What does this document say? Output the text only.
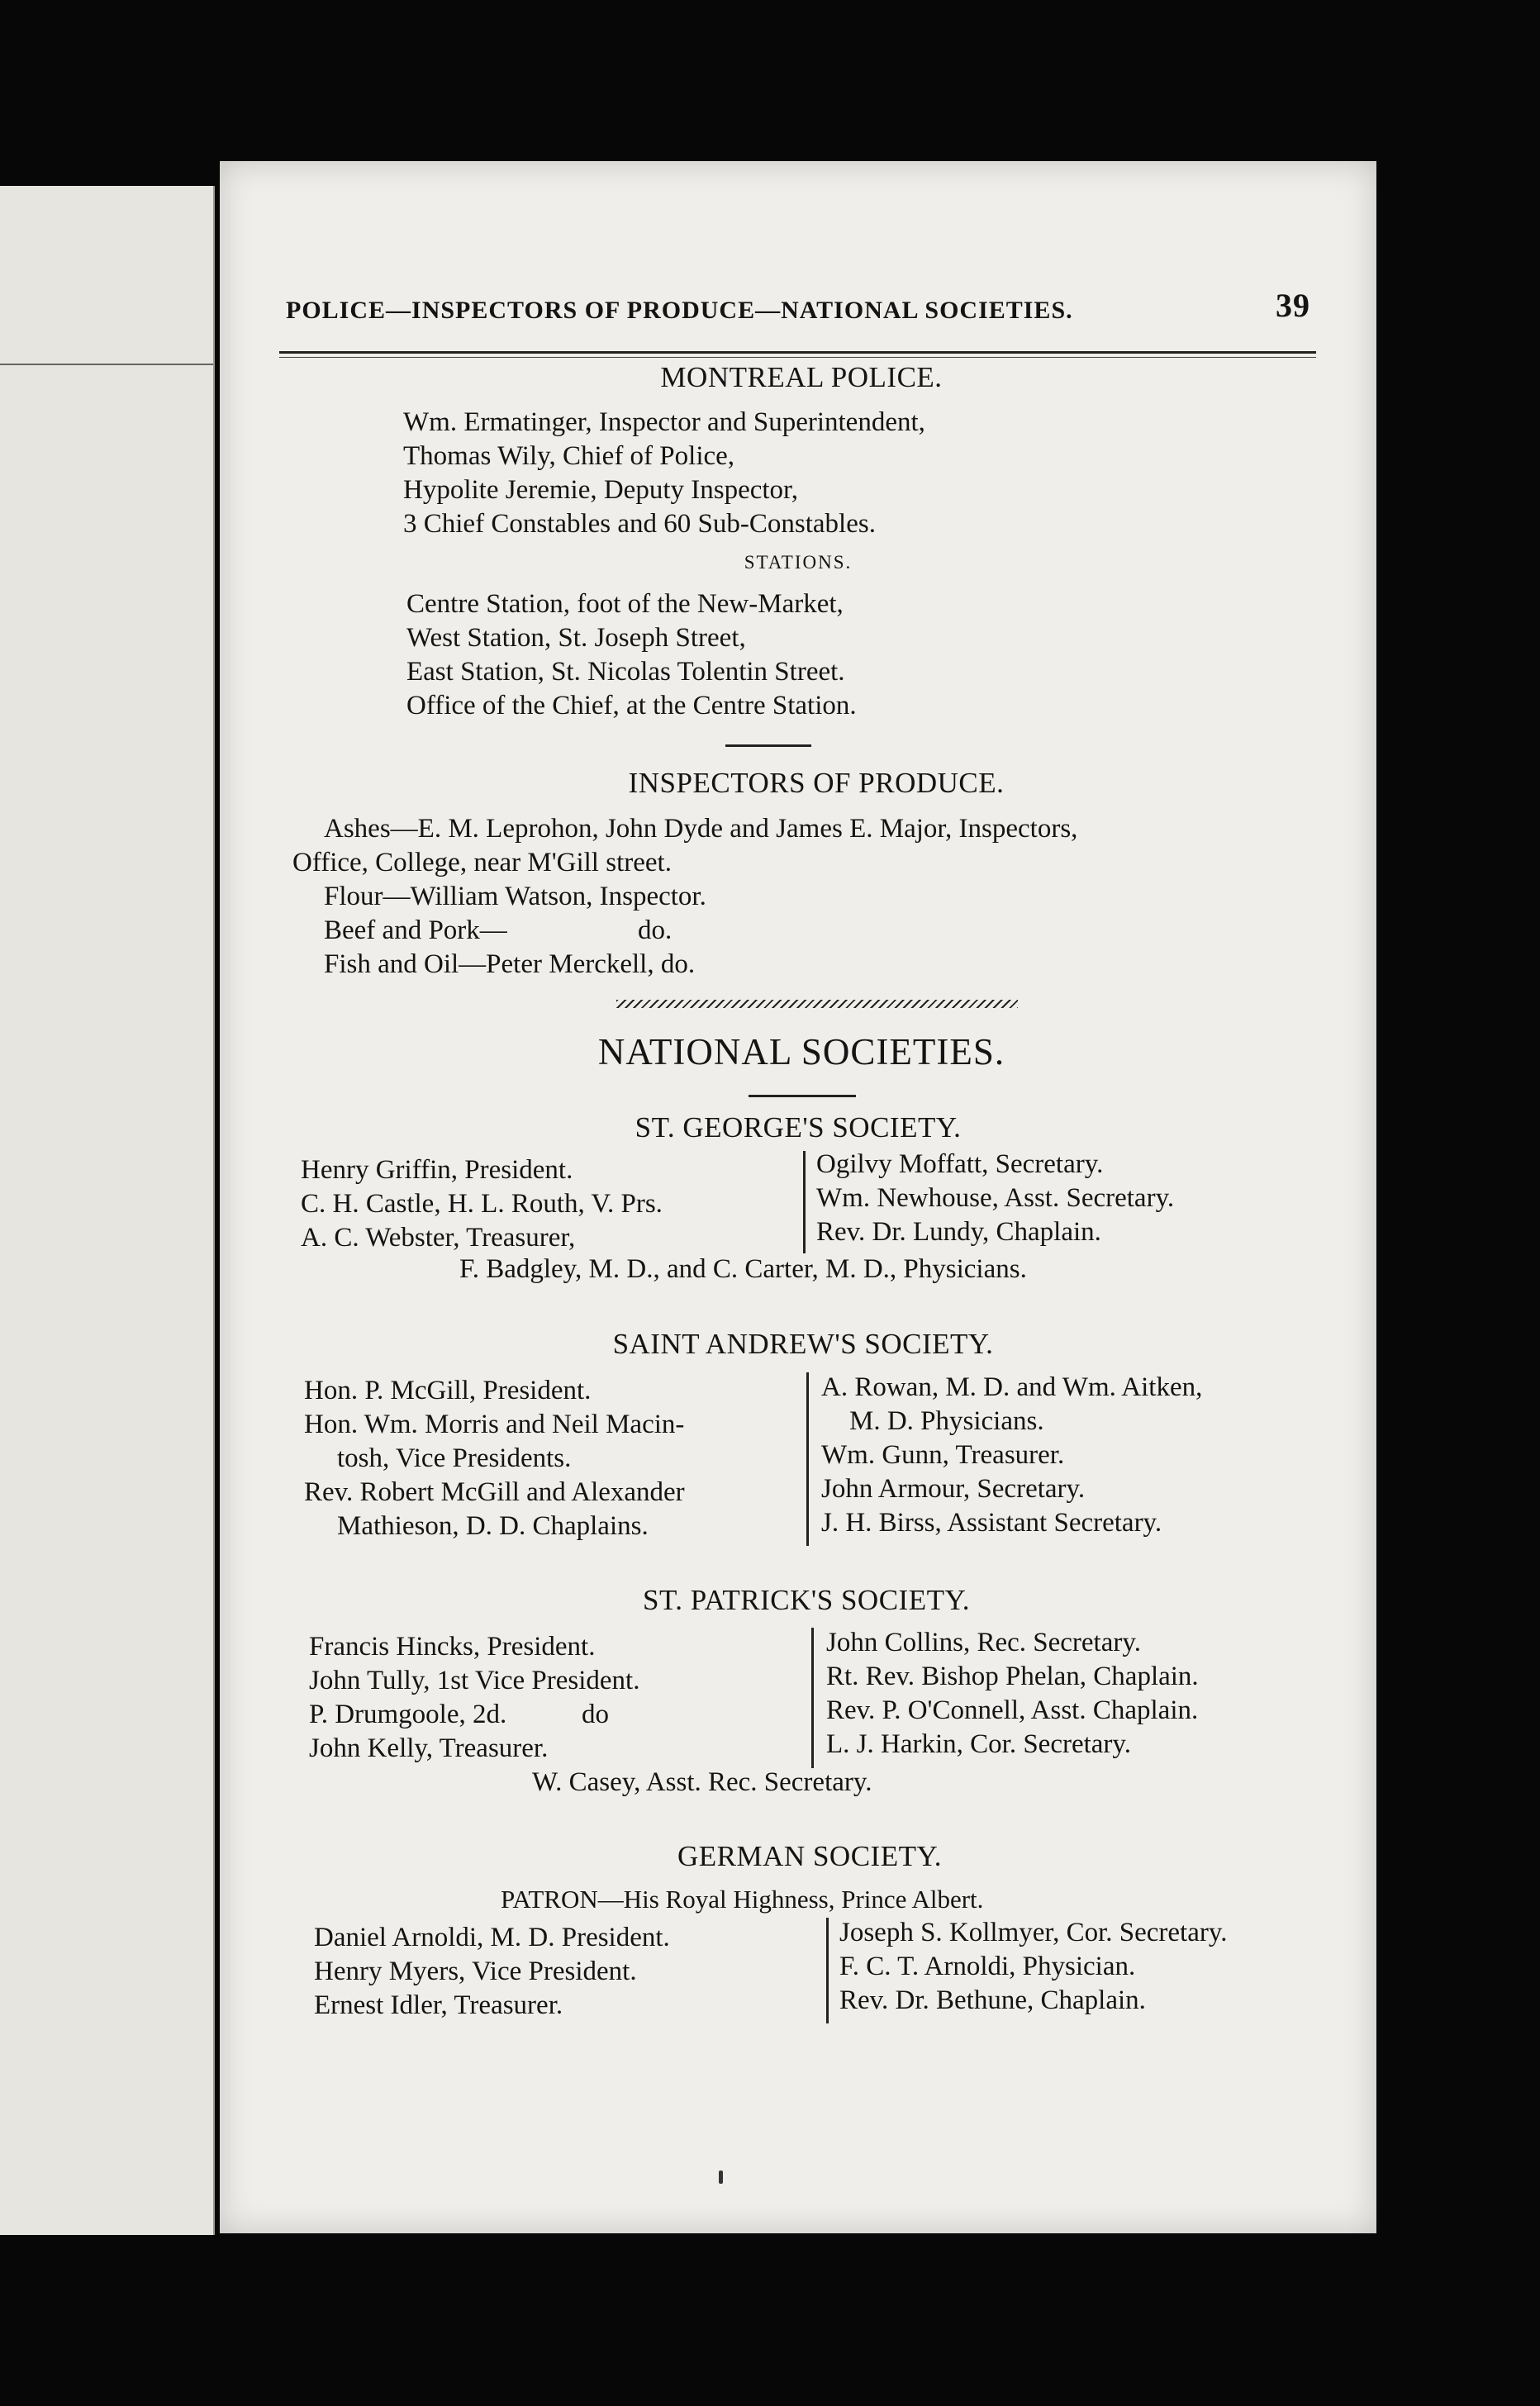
POLICE—INSPECTORS OF PRODUCE—NATIONAL SOCIETIES.	39
MONTREAL POLICE.
Wm. Ermatinger, Inspector and Superintendent,
Thomas Wily, Chief of Police,
Hypolite Jeremie, Deputy Inspector,
3 Chief Constables and 60 Sub-Constables.
STATIONS.
Centre Station, foot of the New-Market,
West Station, St. Joseph Street,
East Station, St. Nicolas Tolentin Street.
Office of the Chief, at the Centre Station.
INSPECTORS OF PRODUCE.
Ashes—E. M. Leprohon, John Dyde and James E. Major, Inspectors,
Office, College, near M'Gill street.
Flour—William Watson, Inspector.
Beef and Pork—	do.
Fish and Oil—Peter Merckell, do.
NATIONAL SOCIETIES.
ST. GEORGE'S SOCIETY.
Henry Griffin, President.
C. H. Castle, H. L. Routh, V. Prs.
A. C. Webster, Treasurer,
Ogilvy Moffatt, Secretary.
Wm. Newhouse, Asst. Secretary.
Rev. Dr. Lundy, Chaplain.
F. Badgley, M. D., and C. Carter, M. D., Physicians.
SAINT ANDREW'S SOCIETY.
Hon. P. McGill, President.
Hon. Wm. Morris and Neil Macin-
tosh, Vice Presidents.
Rev. Robert McGill and Alexander
Mathieson, D. D. Chaplains.
A. Rowan, M. D. and Wm. Aitken,
M. D. Physicians.
Wm. Gunn, Treasurer.
John Armour, Secretary.
J. H. Birss, Assistant Secretary.
ST. PATRICK'S SOCIETY.
Francis Hincks, President.
John Tully, 1st Vice President.
P. Drumgoole, 2d.	do
John Kelly, Treasurer.
John Collins, Rec. Secretary.
Rt. Rev. Bishop Phelan, Chaplain.
Rev. P. O'Connell, Asst. Chaplain.
L. J. Harkin, Cor. Secretary.
W. Casey, Asst. Rec. Secretary.
GERMAN SOCIETY.
PATRON—His Royal Highness, Prince Albert.
Daniel Arnoldi, M. D. President.
Henry Myers, Vice President.
Ernest Idler, Treasurer.
Joseph S. Kollmyer, Cor. Secretary.
F. C. T. Arnoldi, Physician.
Rev. Dr. Bethune, Chaplain.
